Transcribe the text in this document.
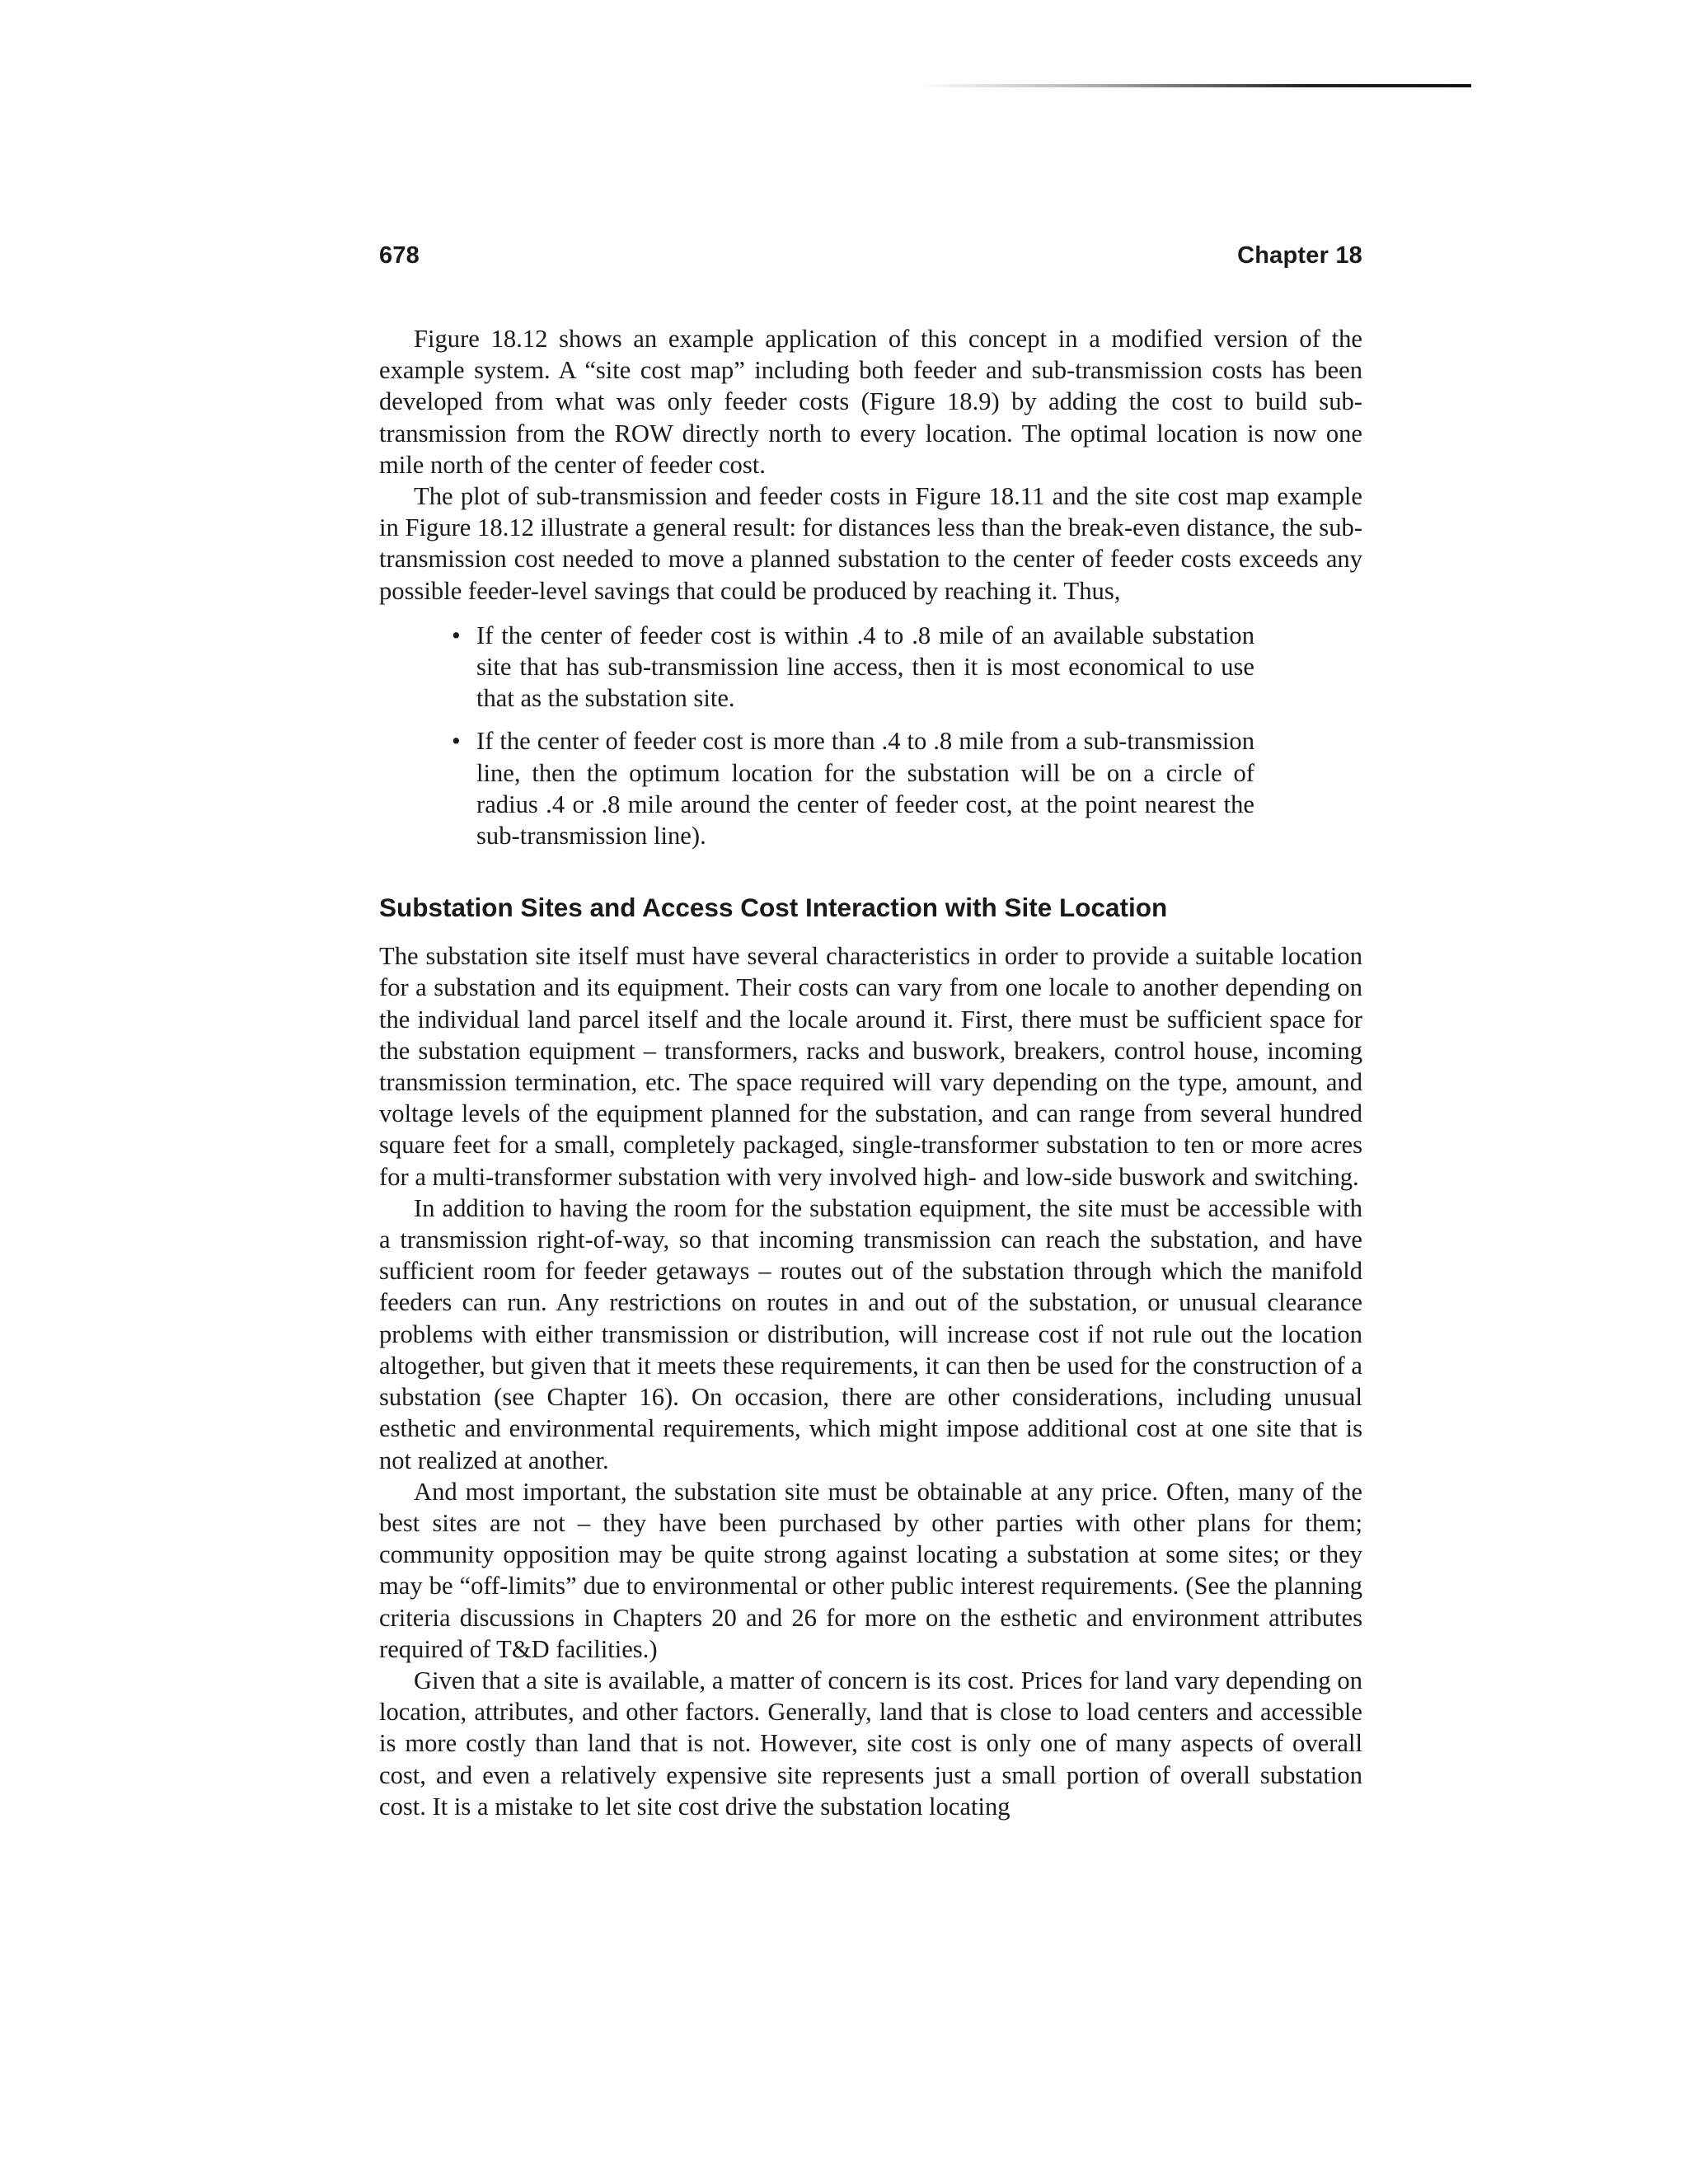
678	Chapter 18

Figure 18.12 shows an example application of this concept in a modified version of the example system. A “site cost map” including both feeder and sub-transmission costs has been developed from what was only feeder costs (Figure 18.9) by adding the cost to build sub-transmission from the ROW directly north to every location. The optimal location is now one mile north of the center of feeder cost.

The plot of sub-transmission and feeder costs in Figure 18.11 and the site cost map example in Figure 18.12 illustrate a general result: for distances less than the break-even distance, the sub-transmission cost needed to move a planned substation to the center of feeder costs exceeds any possible feeder-level savings that could be produced by reaching it. Thus,

• If the center of feeder cost is within .4 to .8 mile of an available substation site that has sub-transmission line access, then it is most economical to use that as the substation site.
• If the center of feeder cost is more than .4 to .8 mile from a sub-transmission line, then the optimum location for the substation will be on a circle of radius .4 or .8 mile around the center of feeder cost, at the point nearest the sub-transmission line).
Substation Sites and Access Cost Interaction with Site Location

The substation site itself must have several characteristics in order to provide a suitable location for a substation and its equipment. Their costs can vary from one locale to another depending on the individual land parcel itself and the locale around it. First, there must be sufficient space for the substation equipment – transformers, racks and buswork, breakers, control house, incoming transmission termination, etc. The space required will vary depending on the type, amount, and voltage levels of the equipment planned for the substation, and can range from several hundred square feet for a small, completely packaged, single-transformer substation to ten or more acres for a multi-transformer substation with very involved high- and low-side buswork and switching.

In addition to having the room for the substation equipment, the site must be accessible with a transmission right-of-way, so that incoming transmission can reach the substation, and have sufficient room for feeder getaways – routes out of the substation through which the manifold feeders can run. Any restrictions on routes in and out of the substation, or unusual clearance problems with either transmission or distribution, will increase cost if not rule out the location altogether, but given that it meets these requirements, it can then be used for the construction of a substation (see Chapter 16). On occasion, there are other considerations, including unusual esthetic and environmental requirements, which might impose additional cost at one site that is not realized at another.

And most important, the substation site must be obtainable at any price. Often, many of the best sites are not – they have been purchased by other parties with other plans for them; community opposition may be quite strong against locating a substation at some sites; or they may be “off-limits” due to environmental or other public interest requirements. (See the planning criteria discussions in Chapters 20 and 26 for more on the esthetic and environment attributes required of T&D facilities.)

Given that a site is available, a matter of concern is its cost. Prices for land vary depending on location, attributes, and other factors. Generally, land that is close to load centers and accessible is more costly than land that is not. However, site cost is only one of many aspects of overall cost, and even a relatively expensive site represents just a small portion of overall substation cost. It is a mistake to let site cost drive the substation locating
